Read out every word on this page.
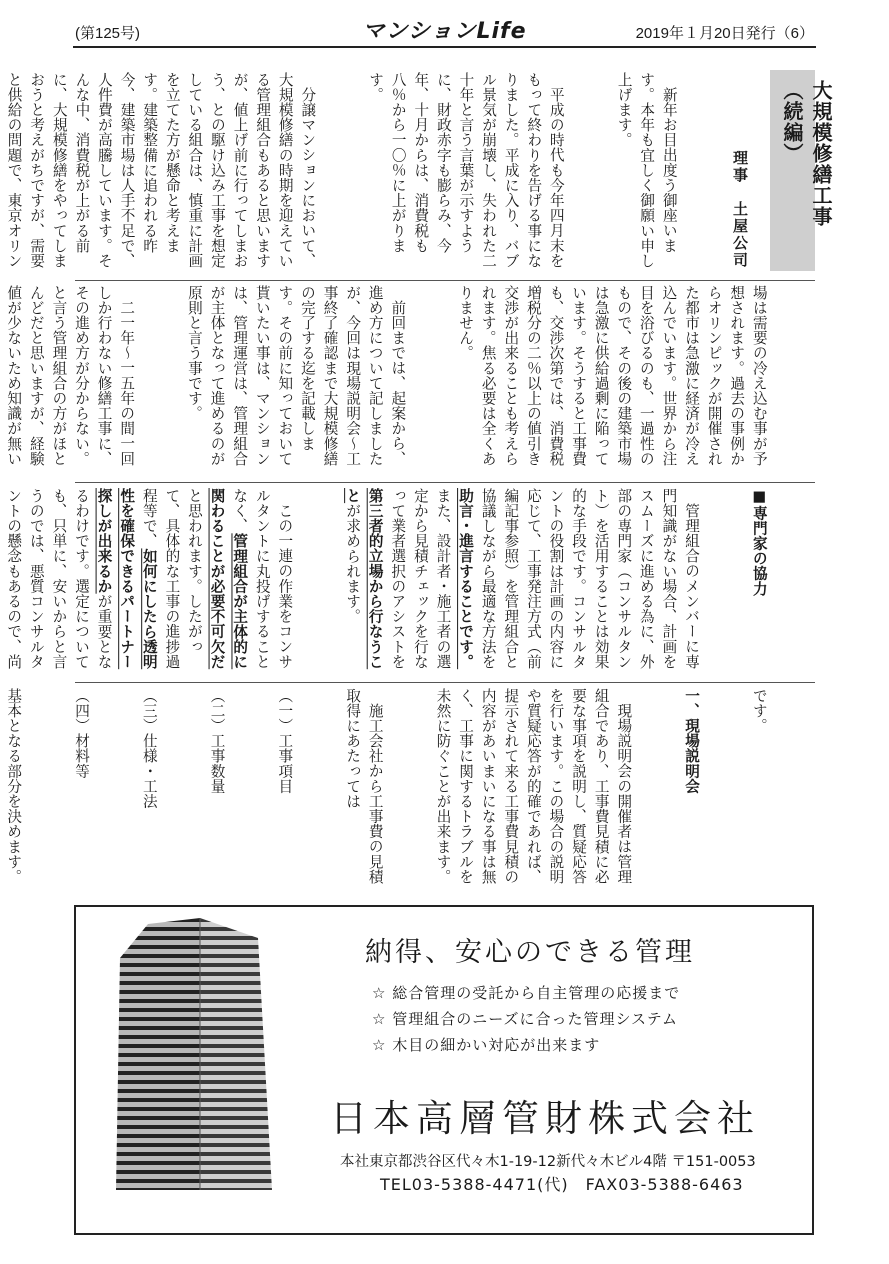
(第125号)	マンションLife	2019年１月20日発行（6）
大規模修繕工事（続編）
理事　土屋公司

新年お目出度う御座います。本年も宜しく御願い申し上げます。

平成の時代も今年四月末をもって終わりを告げる事になりました。平成に入り、バブル景気が崩壊し、失われた二十年と言う言葉が示すように、財政赤字も膨らみ、今年、十月からは、消費税も八％から一〇％に上がります。

分譲マンションにおいて、大規模修繕の時期を迎えている管理組合もあると思いますが、値上げ前に行ってしまおう、との駆け込み工事を想定している組合は、慎重に計画を立てた方が懸命と考えます。建築整備に追われる昨今、建築市場は人手不足で、人件費が高騰しています。そんな中、消費税が上がる前に、大規模修繕をやってしまおうと考えがちですが、需要と供給の問題で、東京オリン

場は需要の冷え込む事が予想されます。過去の事例からオリンピックが開催された都市は急激に経済が冷え込んでいます。世界から注目を浴びるのも、一過性のもので、その後の建築市場は急激に供給過剰に陥っています。そうすると工事費も、交渉次第では、消費税増税分の二％以上の値引き交渉が出来ることも考えられます。焦る必要は全くありません。

前回までは、起案から、進め方について記しましたが、今回は現場説明会～工事終了確認まで大規模修繕の完了する迄を記載します。その前に知っておいて貰いたい事は、マンションは、管理運営は、管理組合が主体となって進めるのが原則と言う事です。

二一年～一五年の間一回しか行わない修繕工事に、その進め方が分からない。と言う管理組合の方がほとんどだと思いますが、経験値が少ないため知識が無い

■専門家の協力

管理組合のメンバーに専門知識がない場合、計画をスムーズに進める為に、外部の専門家（コンサルタント）を活用することは効果的な手段です。コンサルタントの役割は計画の内容に応じて、工事発注方式（前編記事参照）を管理組合と協議しながら最適な方法を助言・進言することです。また、設計者・施工者の選定から見積チェックを行なって業者選択のアシストを第三者的立場から行なうことが求められます。

この一連の作業をコンサルタントに丸投げすることなく、管理組合が主体的に関わることが必要不可欠だと思われます。したがって、具体的な工事の進捗過程等で、如何にしたら透明性を確保できるパートナー探しが出来るかが重要となるわけです。選定についても、只単に、安いからと言うのでは、悪質コンサルタントの懸念もあるので、尚

です。

一、現場説明会

現場説明会の開催者は管理組合であり、工事費見積に必要な事項を説明し、質疑応答を行います。この場合の説明や質疑応答が的確であれば、提示されて来る工事費見積の内容があいまいになる事は無く、工事に関するトラブルを未然に防ぐことが出来ます。

施工会社から工事費の見積取得にあたっては

（一）工事項目

（二）工事数量

（三）仕様・工法

（四）材料等

基本となる部分を決めます。

納得、安心のできる管理
☆ 総合管理の受託から自主管理の応援まで
☆ 管理組合のニーズに合った管理システム
☆ 木目の細かい対応が出来ます
日本高層管財株式会社
本社東京都渋谷区代々木1-19-12新代々木ビル4階 〒151-0053
TEL03-5388-4471(代)　FAX03-5388-6463
